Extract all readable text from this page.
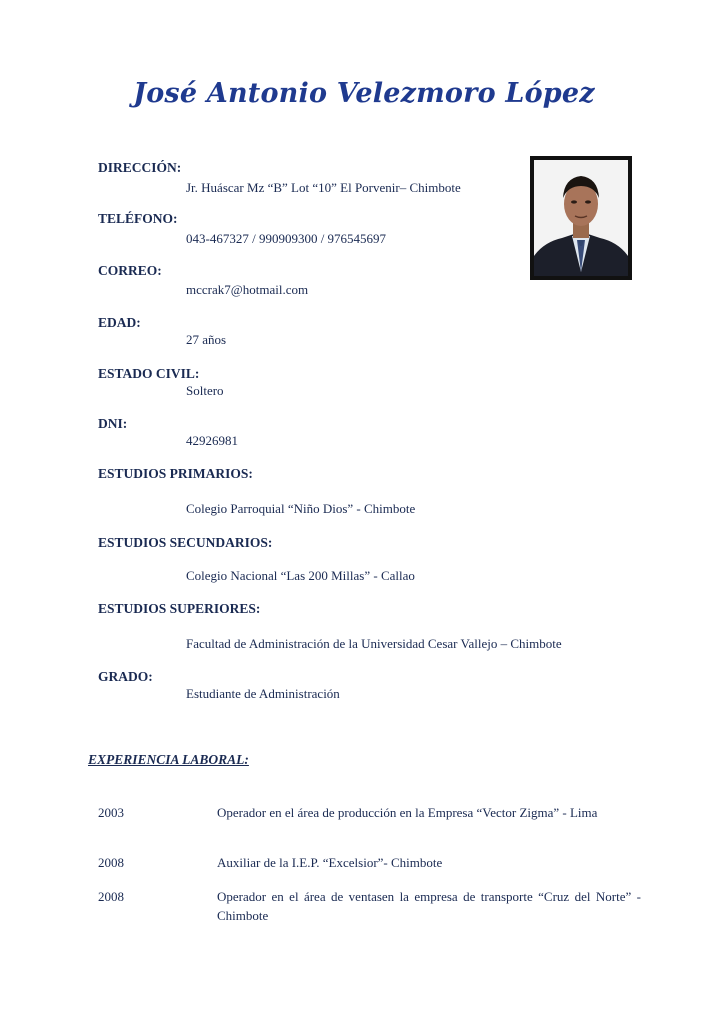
José Antonio Velezmoro López
DIRECCIÓN:
Jr. Huáscar Mz “B” Lot “10” El Porvenir– Chimbote
TELÉFONO:
043-467327 / 990909300 / 976545697
CORREO:
mccrak7@hotmail.com
EDAD:
27 años
ESTADO CIVIL:
Soltero
DNI:
42926981
ESTUDIOS PRIMARIOS:
Colegio Parroquial “Niño Dios” - Chimbote
ESTUDIOS SECUNDARIOS:
Colegio Nacional “Las 200 Millas” - Callao
ESTUDIOS SUPERIORES:
Facultad de Administración de la Universidad Cesar Vallejo – Chimbote
GRADO:
Estudiante de Administración
EXPERIENCIA LABORAL:
2003	Operador en el área de producción en la Empresa “Vector Zigma” - Lima
2008	Auxiliar de la I.E.P. “Excelsior”- Chimbote
2008	Operador en el área de ventasen la empresa de transporte “Cruz del Norte” - Chimbote
